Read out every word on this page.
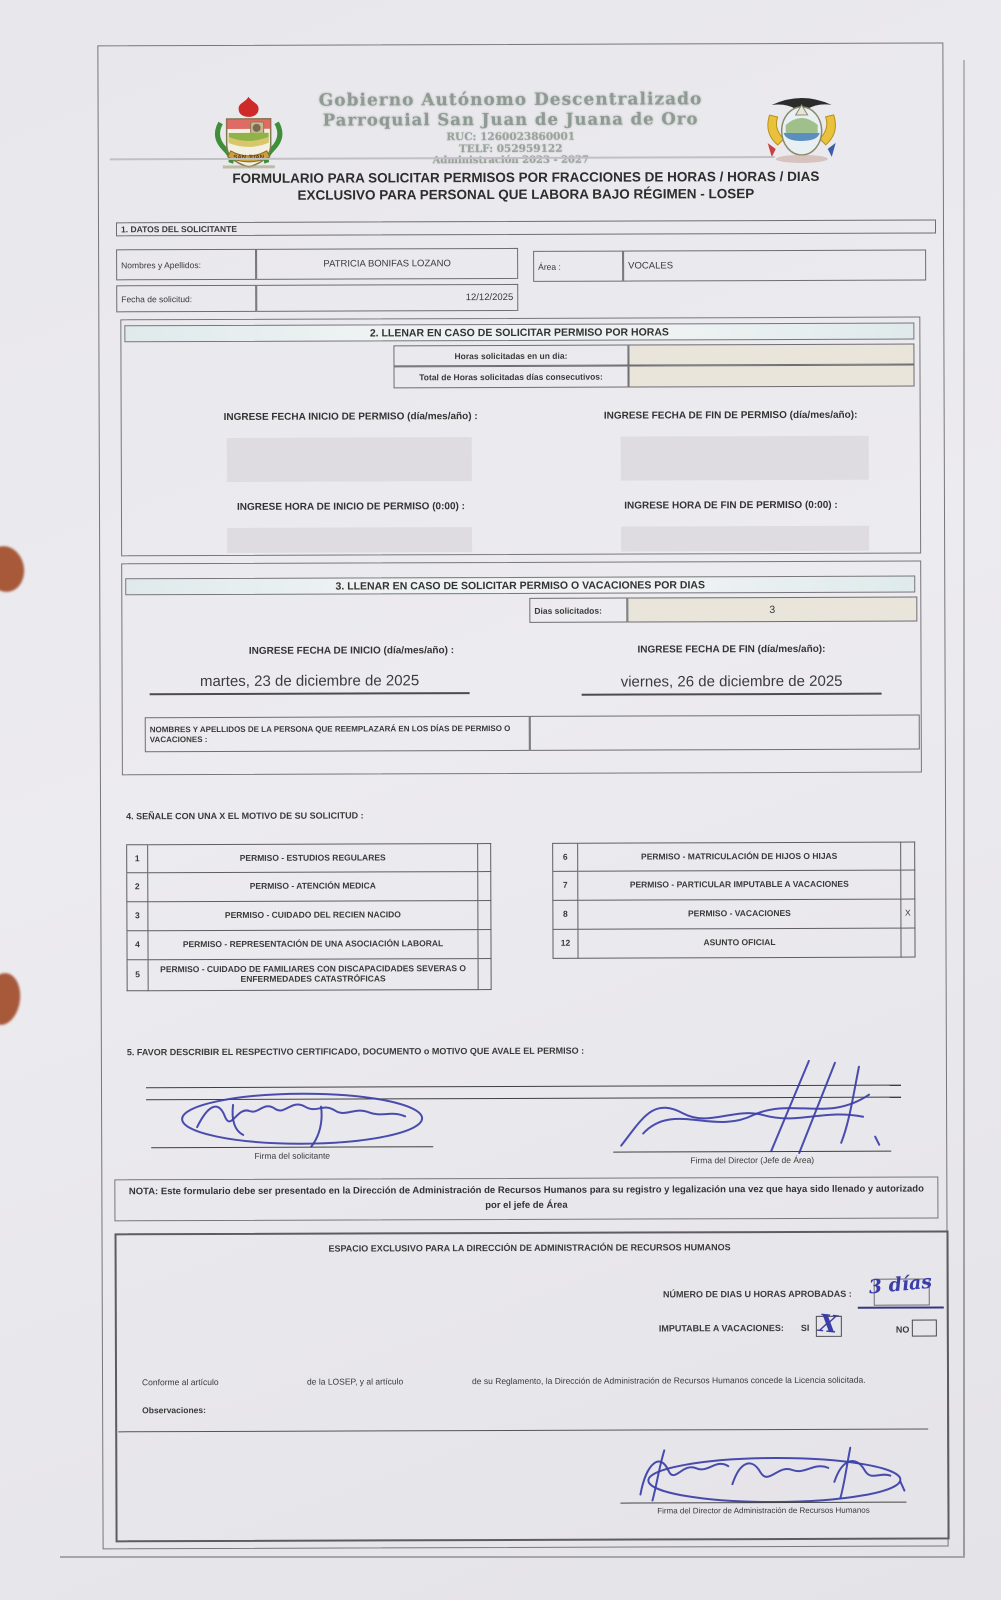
SAN JUAN
Gobierno Autónomo Descentralizado
Parroquial San Juan de Juana de Oro
RUC: 1260023860001
TELF: 052959122
Administración 2023 - 2027
FORMULARIO PARA SOLICITAR PERMISOS POR FRACCIONES DE HORAS / HORAS / DIAS
EXCLUSIVO PARA PERSONAL QUE LABORA BAJO RÉGIMEN - LOSEP
1. DATOS DEL SOLICITANTE
Nombres y Apellidos:	PATRICIA BONIFAS LOZANO
Fecha de solicitud:	12/12/2025
Área :	VOCALES
2. LLENAR EN CASO DE SOLICITAR PERMISO POR HORAS
Horas solicitadas en un dia:
Total de Horas solicitadas días consecutivos:
INGRESE FECHA INICIO DE PERMISO (día/mes/año) :	INGRESE FECHA DE FIN DE PERMISO (día/mes/año):
INGRESE HORA DE INICIO DE PERMISO (0:00) :	INGRESE HORA DE FIN DE PERMISO (0:00) :
3. LLENAR EN CASO DE SOLICITAR PERMISO O VACACIONES POR DIAS
Dias solicitados:	3
INGRESE FECHA DE INICIO (día/mes/año) :	INGRESE FECHA DE FIN (día/mes/año):
martes, 23 de diciembre de 2025	viernes, 26 de diciembre de 2025
NOMBRES Y APELLIDOS DE LA PERSONA QUE REEMPLAZARÁ EN LOS DÍAS DE PERMISO O VACACIONES :
4. SEÑALE CON UNA X EL MOTIVO DE SU SOLICITUD :
1	PERMISO - ESTUDIOS REGULARES
2	PERMISO - ATENCIÓN MEDICA
3	PERMISO - CUIDADO DEL RECIEN NACIDO
4	PERMISO - REPRESENTACIÓN DE UNA ASOCIACIÓN LABORAL
5	PERMISO - CUIDADO DE FAMILIARES CON DISCAPACIDADES SEVERAS O ENFERMEDADES CATASTRÓFICAS
6	PERMISO - MATRICULACIÓN DE HIJOS O HIJAS
7	PERMISO - PARTICULAR IMPUTABLE A VACACIONES
8	PERMISO - VACACIONES	X
12	ASUNTO OFICIAL
5. FAVOR DESCRIBIR EL RESPECTIVO CERTIFICADO, DOCUMENTO o MOTIVO QUE AVALE EL PERMISO :
Firma del solicitante	Firma del Director (Jefe de Área)
NOTA: Este formulario debe ser presentado en la Dirección de Administración de Recursos Humanos para su registro y legalización una vez que haya sido llenado y autorizado por el jefe de Área
ESPACIO EXCLUSIVO PARA LA DIRECCIÓN DE ADMINISTRACIÓN DE RECURSOS HUMANOS
NÚMERO DE DIAS U HORAS APROBADAS : 3 días
IMPUTABLE A VACACIONES: SI X	NO
Conforme al artículo	de la LOSEP, y al artículo	de su Reglamento, la Dirección de Administración de Recursos Humanos concede la Licencia solicitada.
Observaciones:
Firma del Director de Administración de Recursos Humanos
